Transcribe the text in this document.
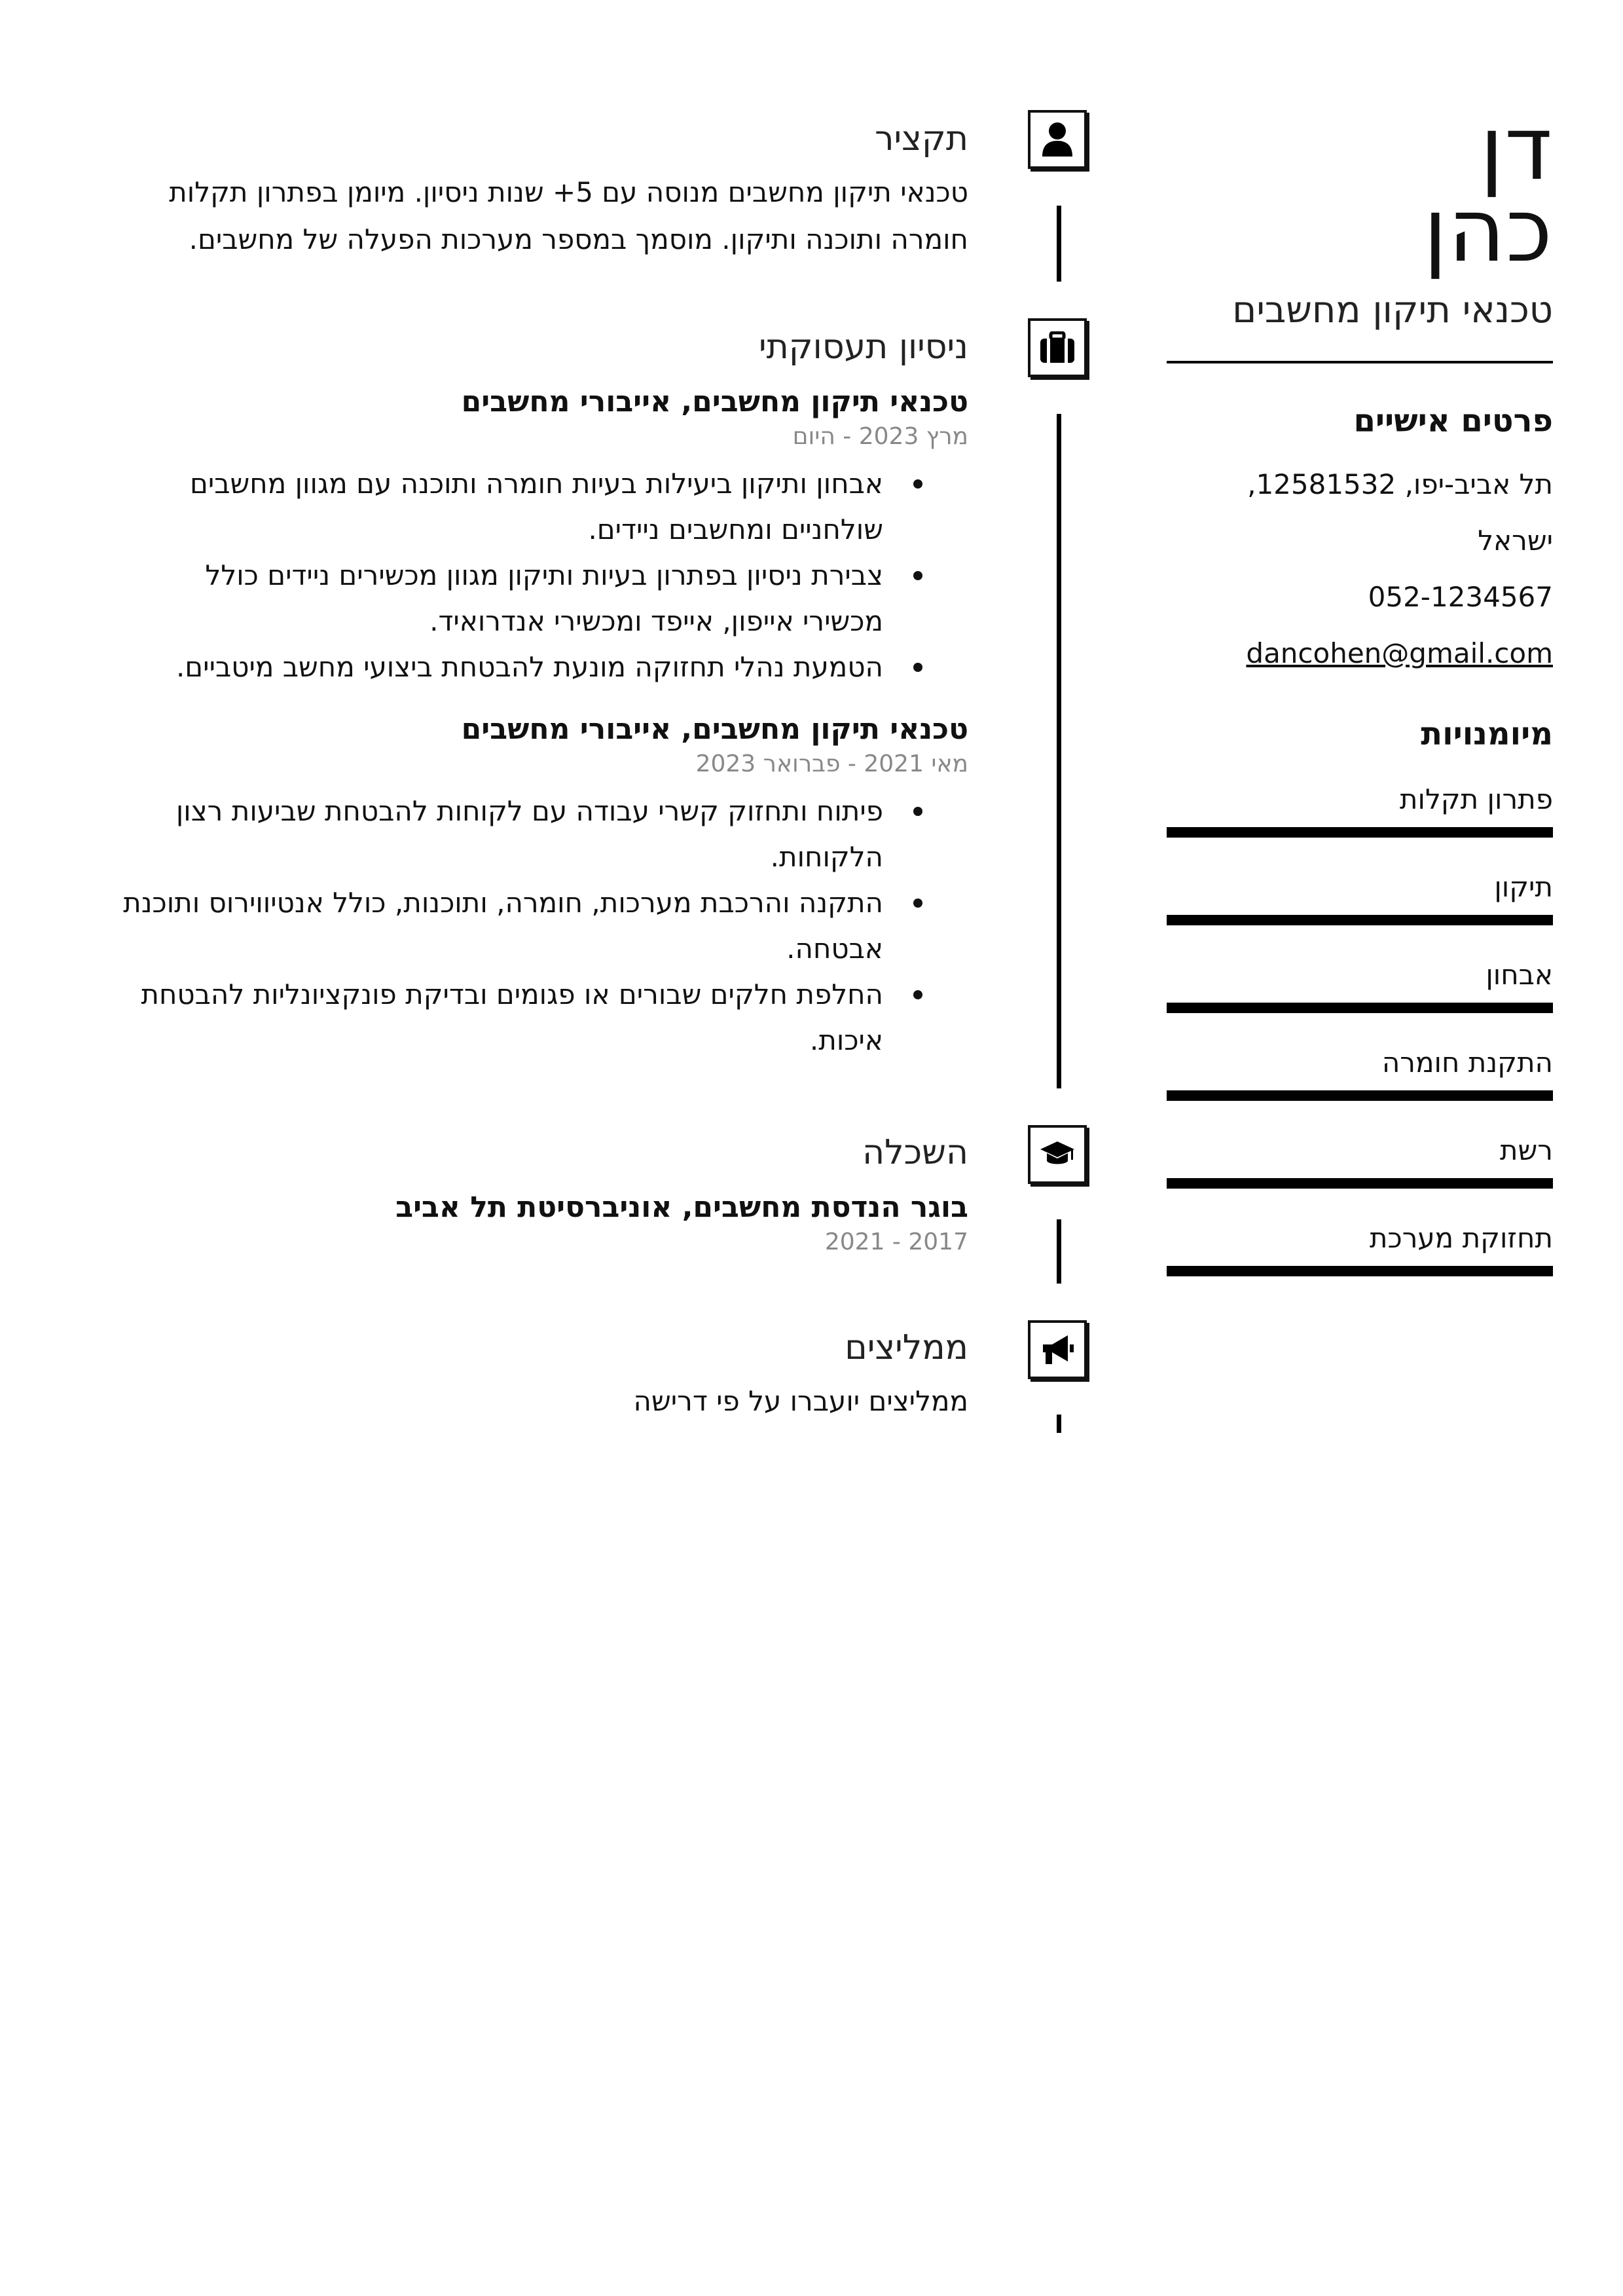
דן
כהן
טכנאי תיקון מחשבים
פרטים אישיים
תל אביב-יפו, 12581532, ישראל
052-1234567
dancohen@gmail.com
מיומנויות
פתרון תקלות
תיקון
אבחון
התקנת חומרה
רשת
תחזוקת מערכת
תקציר
טכנאי תיקון מחשבים מנוסה עם 5+ שנות ניסיון. מיומן בפתרון תקלות חומרה ותוכנה ותיקון. מוסמך במספר מערכות הפעלה של מחשבים.
ניסיון תעסוקתי
טכנאי תיקון מחשבים, אייבורי מחשבים
מרץ 2023 - היום
אבחון ותיקון ביעילות בעיות חומרה ותוכנה עם מגוון מחשבים שולחניים ומחשבים ניידים.
צבירת ניסיון בפתרון בעיות ותיקון מגוון מכשירים ניידים כולל מכשירי אייפון, אייפד ומכשירי אנדרואיד.
הטמעת נהלי תחזוקה מונעת להבטחת ביצועי מחשב מיטביים.
טכנאי תיקון מחשבים, אייבורי מחשבים
מאי 2021 - פברואר 2023
פיתוח ותחזוק קשרי עבודה עם לקוחות להבטחת שביעות רצון הלקוחות.
התקנה והרכבת מערכות, חומרה, ותוכנות, כולל אנטיווירוס ותוכנת אבטחה.
החלפת חלקים שבורים או פגומים ובדיקת פונקציונליות להבטחת איכות.
השכלה
בוגר הנדסת מחשבים, אוניברסיטת תל אביב
2017 - 2021
ממליצים
ממליצים יועברו על פי דרישה
